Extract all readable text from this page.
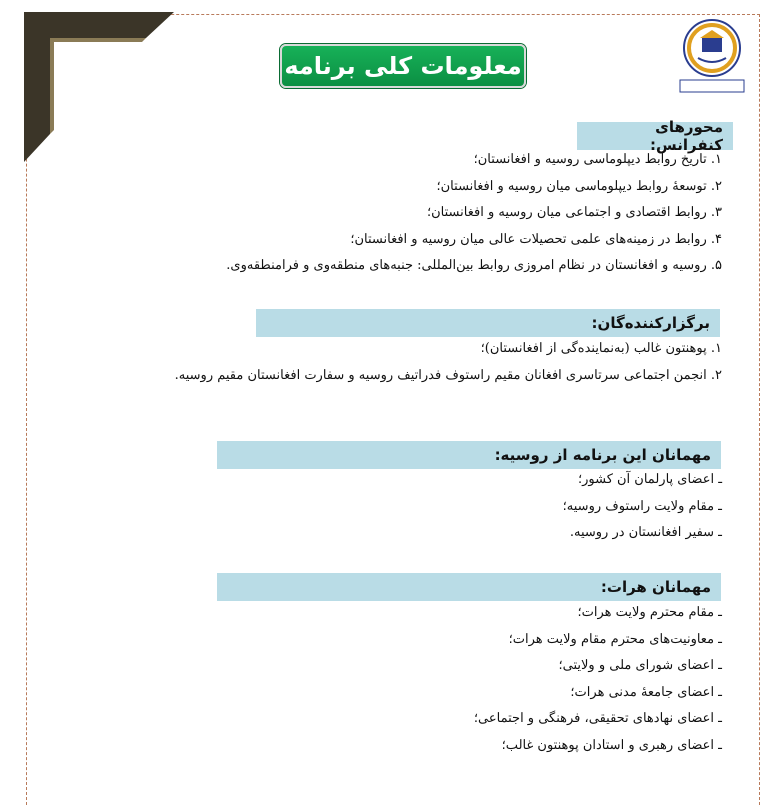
معلومات کلی برنامه
محورهای کنفرانس:
۱. تاریخ روابط دیپلوماسی روسیه و افغانستان؛
۲. توسعهٔ روابط دیپلوماسی میان روسیه و افغانستان؛
۳. روابط اقتصادی و اجتماعی میان روسیه و افغانستان؛
۴. روابط در زمینه‌های علمی تحصیلات عالی میان روسیه و افغانستان؛
۵. روسیه و افغانستان در نظام امروزی روابط بین‌المللی: جنبه‌های منطقه‌وی و فرامنطقه‌وی.
برگزارکننده‌گان:
۱. پوهنتون غالب (به‌نماینده‌گی از افغانستان)؛
۲. انجمن اجتماعی سرتاسری افغانان مقیم راستوف فدراتیف روسیه و سفارت افغانستان مقیم روسیه.
مهمانان این برنامه از روسیه:
ـ اعضای پارلمان آن کشور؛
ـ مقام ولایت راستوف روسیه؛
ـ سفیر افغانستان در روسیه.
مهمانان هرات:
ـ مقام محترم ولایت هرات؛
ـ معاونیت‌های محترم مقام ولایت هرات؛
ـ اعضای شورای ملی و ولایتی؛
ـ اعضای جامعهٔ مدنی هرات؛
ـ اعضای نهادهای تحقیقی، فرهنگی و اجتماعی؛
ـ اعضای رهبری و استادان پوهنتون غالب؛
